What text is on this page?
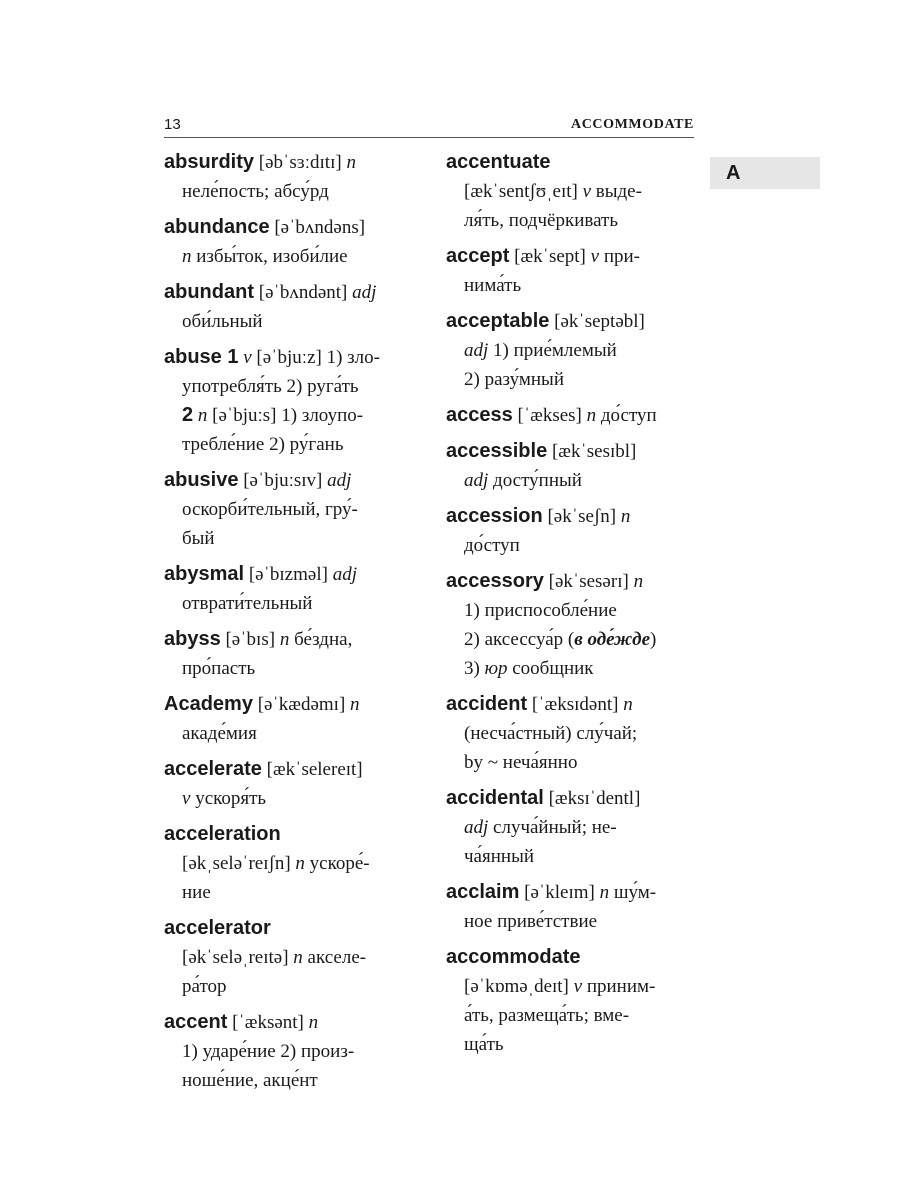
13	ACCOMMODATE
A
absurdity [əbˈsɜːdɪtɪ] n
неле́пость; абсу́рд
abundance [əˈbʌndəns]
n избы́ток, изоби́лие
abundant [əˈbʌndənt] adj
оби́льный
abuse 1 v [əˈbjuːz] 1) зло-
употребля́ть 2) руга́ть
2 n [əˈbjuːs] 1) злоупо-
требле́ние 2) ру́гань
abusive [əˈbjuːsɪv] adj
оскорби́тельный, гру́-
бый
abysmal [əˈbɪzməl] adj
отврати́тельный
abyss [əˈbɪs] n бе́здна,
про́пасть
Academy [əˈkædəmɪ] n
акаде́мия
accelerate [ækˈselereɪt]
v ускоря́ть
acceleration
[əkˌseləˈreɪʃn] n ускоре́-
ние
accelerator
[əkˈseləˌreɪtə] n акселе-
ра́тор
accent [ˈæksənt] n
1) ударе́ние 2) произ-
ноше́ние, акце́нт
accentuate
[ækˈsentʃʊˌeɪt] v выде-
ля́ть, подчёркивать
accept [ækˈsept] v при-
нима́ть
acceptable [əkˈseptəbl]
adj 1) прие́млемый
2) разу́мный
access [ˈækses] n до́ступ
accessible [ækˈsesɪbl]
adj досту́пный
accession [əkˈseʃn] n
до́ступ
accessory [əkˈsesərɪ] n
1) приспособле́ние
2) аксессуа́р (в оде́жде)
3) юр сообщник
accident [ˈæksɪdənt] n
(несча́стный) слу́чай;
by ~ неча́янно
accidental [æksɪˈdentl]
adj случа́йный; не-
ча́янный
acclaim [əˈkleɪm] n шу́м-
ное приве́тствие
accommodate
[əˈkɒməˌdeɪt] v приним-
а́ть, размеща́ть; вме-
ща́ть
